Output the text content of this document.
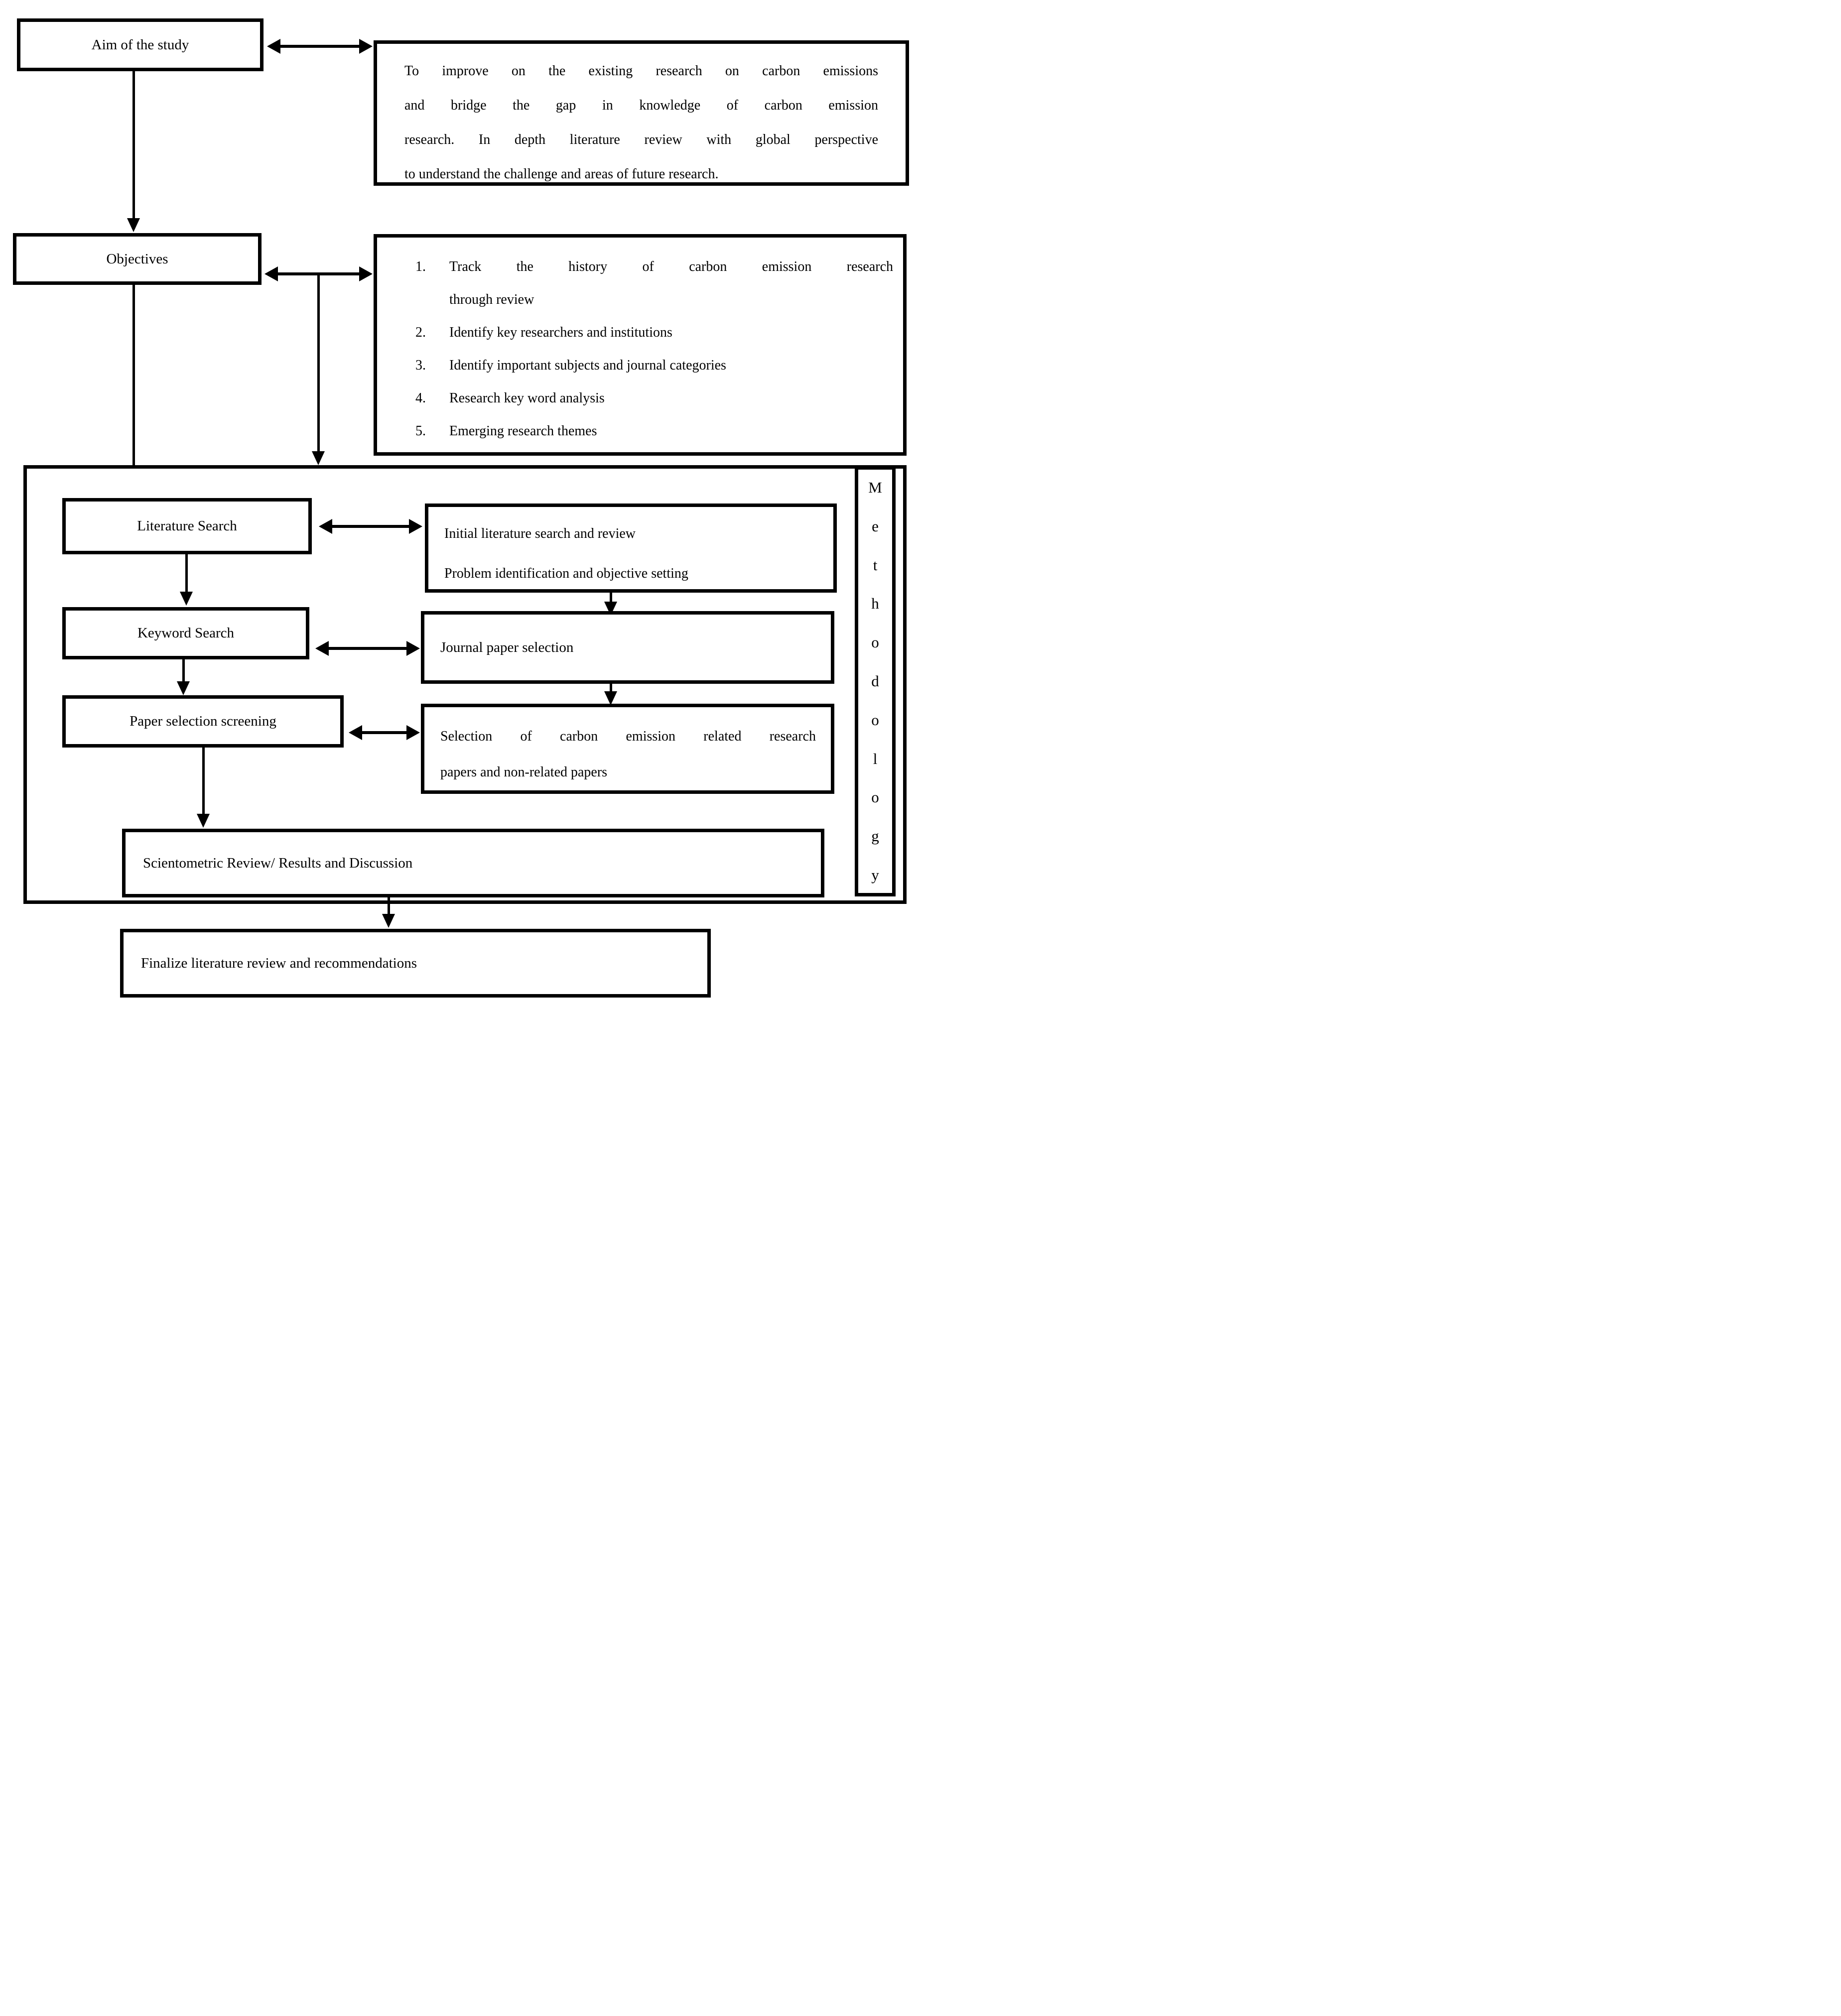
Aim of the study
To improve on the existing research on carbon emissions
and bridge the gap in knowledge of carbon emission
research. In depth literature review with global perspective
to understand the challenge and areas of future research.
Objectives	1.	Track the history of carbon emission research
through review
2.	Identify key researchers and institutions
3.	Identify important subjects and journal categories
4.	Research key word analysis
5.	Emerging research themes
Literature Search	Initial literature search and review
Problem identification and objective setting
Keyword Search
Journal paper selection
Paper selection screening
Selection of carbon emission related research
papers and non-related papers
Scientometric Review/ Results and Discussion
M
e
t
h
o
d
o
l
o
g
y
Finalize literature review and recommendations
